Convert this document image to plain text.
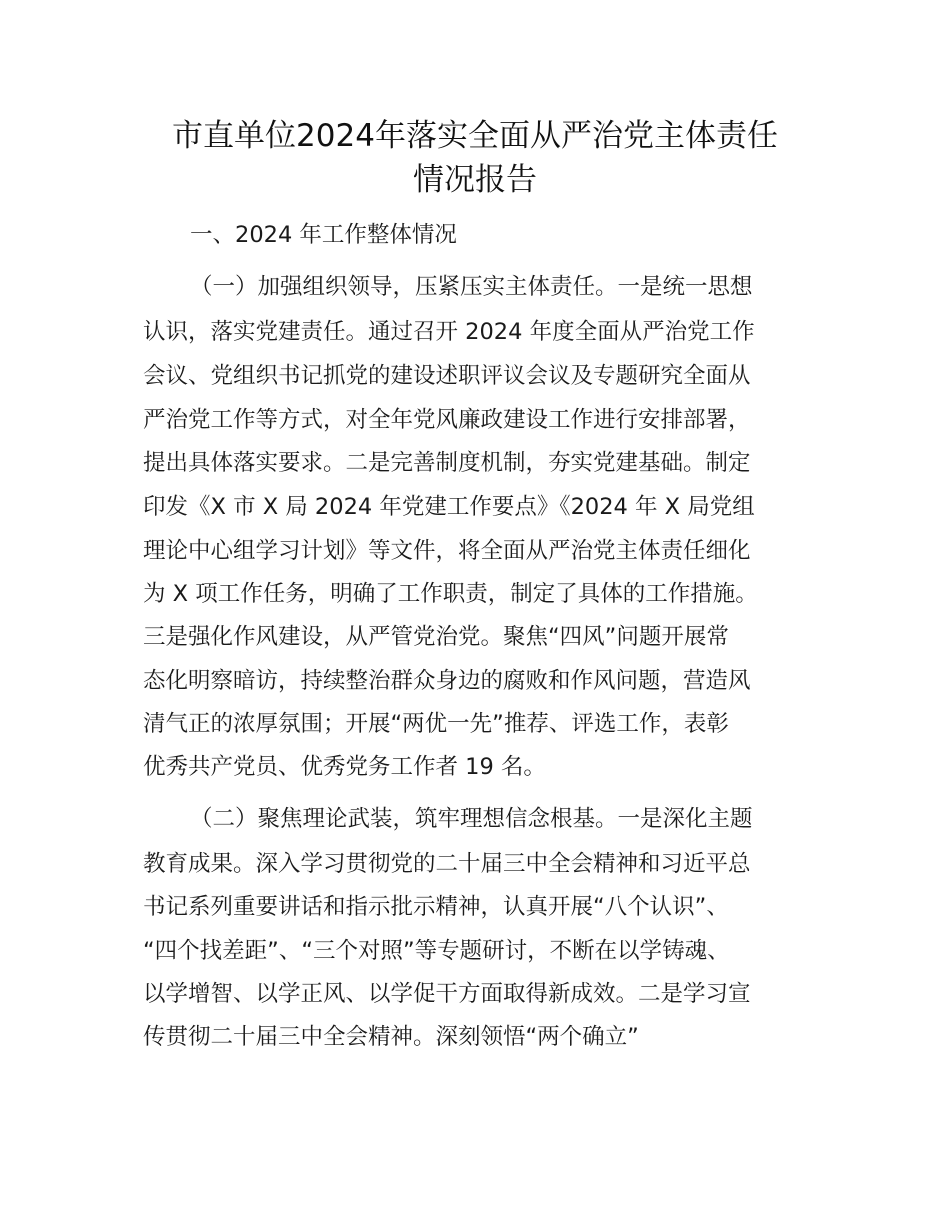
市直单位2024年落实全面从严治党主体责任
情况报告
一、2024 年工作整体情况

（一）加强组织领导，压紧压实主体责任。一是统一思想

认识，落实党建责任。通过召开 2024 年度全面从严治党工作

会议、党组织书记抓党的建设述职评议会议及专题研究全面从

严治党工作等方式，对全年党风廉政建设工作进行安排部署，

提出具体落实要求。二是完善制度机制，夯实党建基础。制定

印发《X 市 X 局 2024 年党建工作要点》《2024 年 X 局党组

理论中心组学习计划》等文件，将全面从严治党主体责任细化

为 X 项工作任务，明确了工作职责，制定了具体的工作措施。

三是强化作风建设，从严管党治党。聚焦“四风”问题开展常

态化明察暗访，持续整治群众身边的腐败和作风问题，营造风

清气正的浓厚氛围；开展“两优一先”推荐、评选工作，表彰

优秀共产党员、优秀党务工作者 19 名。

（二）聚焦理论武装，筑牢理想信念根基。一是深化主题

教育成果。深入学习贯彻党的二十届三中全会精神和习近平总

书记系列重要讲话和指示批示精神，认真开展“八个认识”、

“四个找差距”、“三个对照”等专题研讨，不断在以学铸魂、

以学增智、以学正风、以学促干方面取得新成效。二是学习宣

传贯彻二十届三中全会精神。深刻领悟“两个确立”
